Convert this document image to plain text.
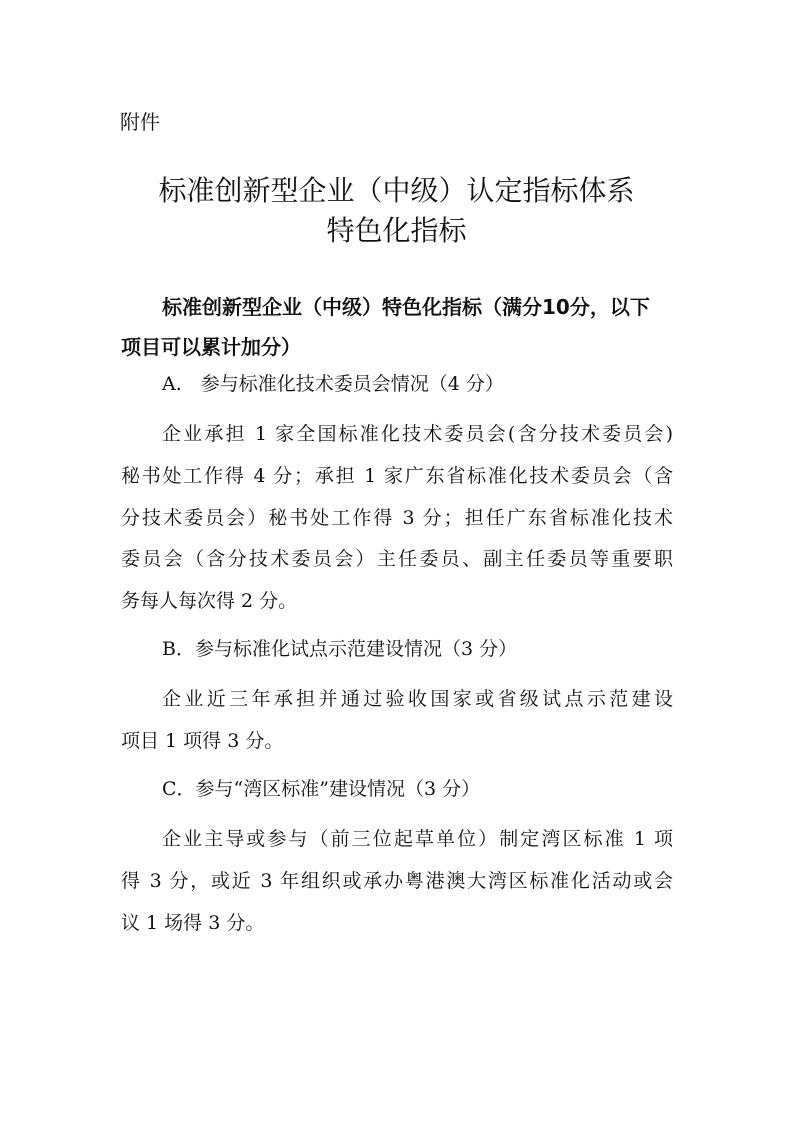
附件
标准创新型企业（中级）认定指标体系
特色化指标
标准创新型企业（中级）特色化指标（满分10分，以下
项目可以累计加分）
A.　参与标准化技术委员会情况（4 分）
企业承担 1 家全国标准化技术委员会(含分技术委员会)
秘书处工作得 4 分；承担 1 家广东省标准化技术委员会（含
分技术委员会）秘书处工作得 3 分；担任广东省标准化技术
委员会（含分技术委员会）主任委员、副主任委员等重要职
务每人每次得 2 分。
B．参与标准化试点示范建设情况（3 分）
企业近三年承担并通过验收国家或省级试点示范建设
项目 1 项得 3 分。
C．参与“湾区标准”建设情况（3 分）
企业主导或参与（前三位起草单位）制定湾区标准 1 项
得 3 分，或近 3 年组织或承办粤港澳大湾区标准化活动或会
议 1 场得 3 分。
